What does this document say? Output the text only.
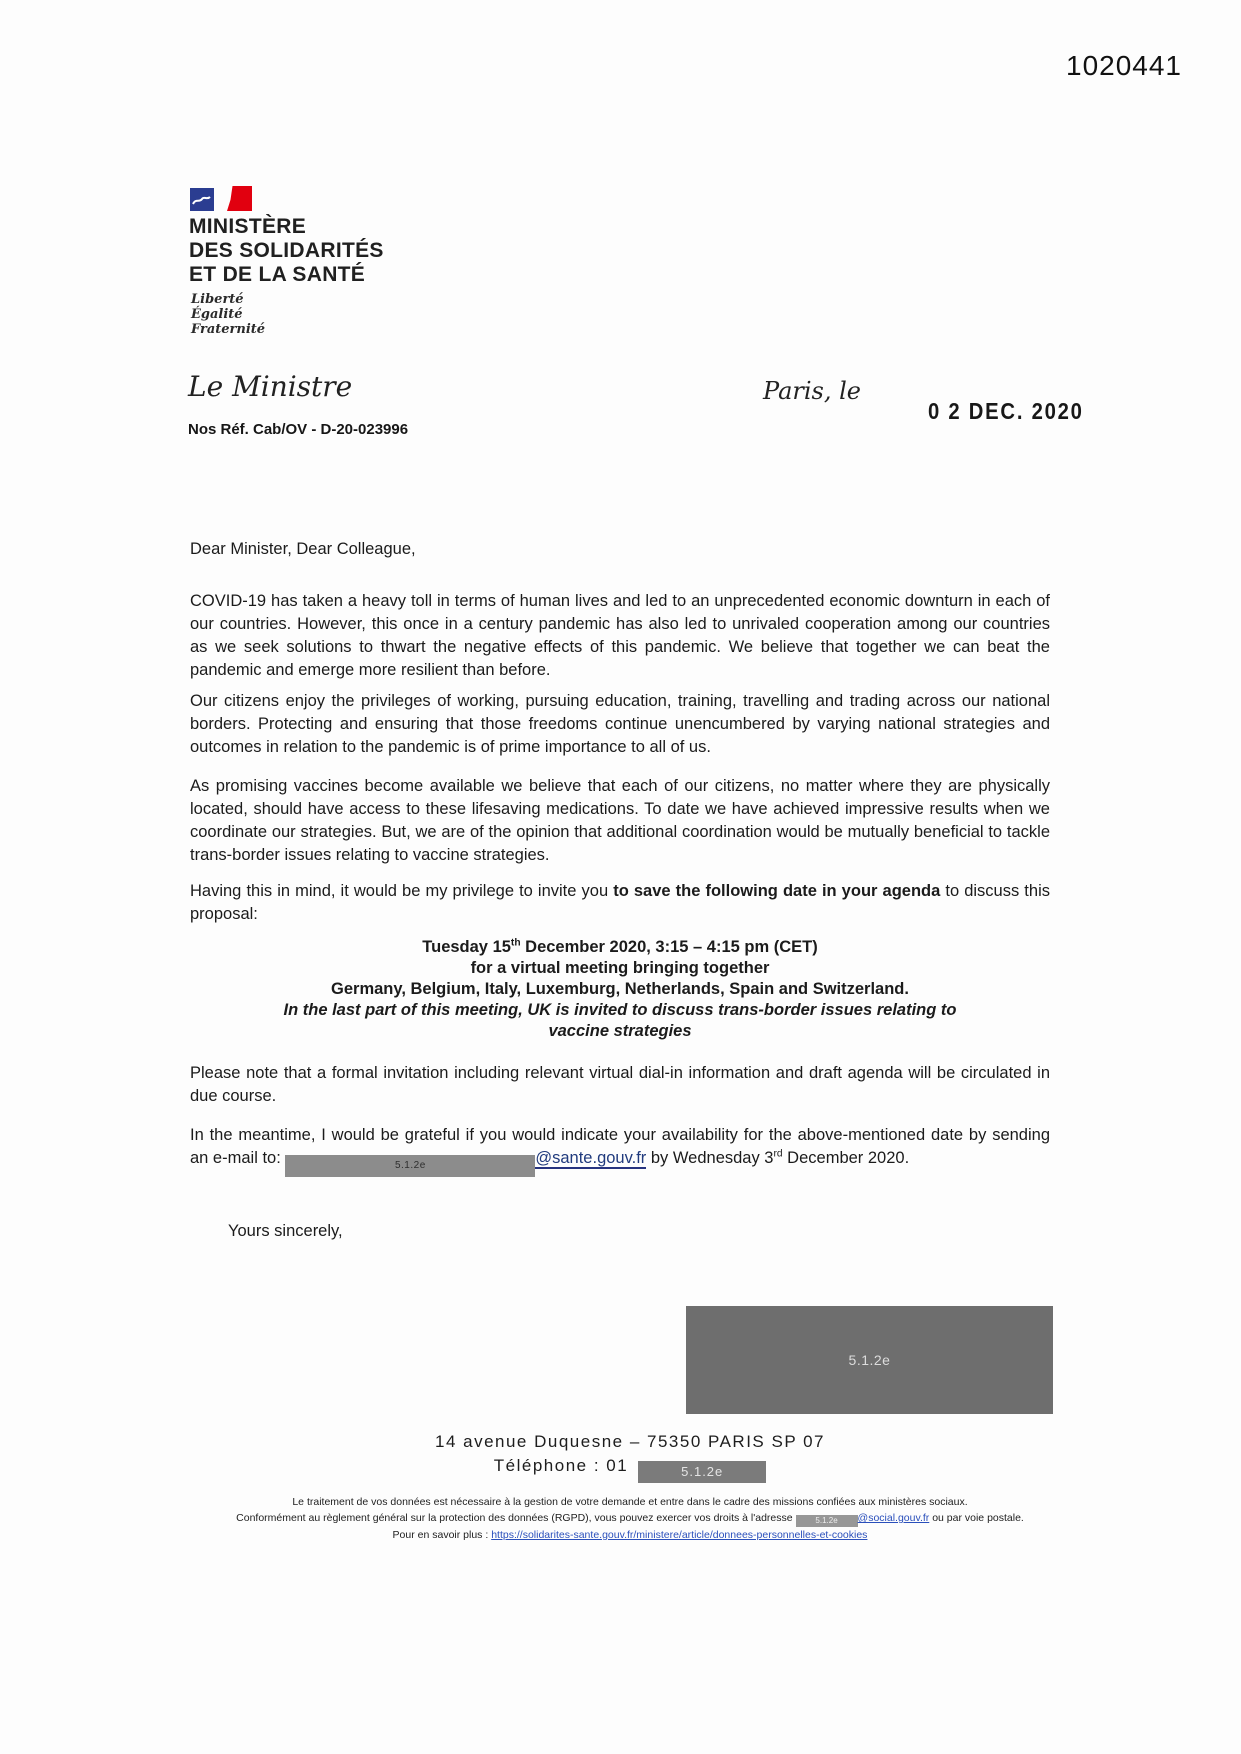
1020441
MINISTÈRE
DES SOLIDARITÉS
ET DE LA SANTÉ
Liberté
Égalité
Fraternité
Le Ministre	Paris, le
0 2 DEC. 2020
Nos Réf. Cab/OV - D-20-023996
Dear Minister, Dear Colleague,
COVID-19 has taken a heavy toll in terms of human lives and led to an unprecedented economic downturn in each of our countries. However, this once in a century pandemic has also led to unrivaled cooperation among our countries as we seek solutions to thwart the negative effects of this pandemic. We believe that together we can beat the pandemic and emerge more resilient than before.
Our citizens enjoy the privileges of working, pursuing education, training, travelling and trading across our national borders. Protecting and ensuring that those freedoms continue unencumbered by varying national strategies and outcomes in relation to the pandemic is of prime importance to all of us.
As promising vaccines become available we believe that each of our citizens, no matter where they are physically located, should have access to these lifesaving medications. To date we have achieved impressive results when we coordinate our strategies. But, we are of the opinion that additional coordination would be mutually beneficial to tackle trans-border issues relating to vaccine strategies.
Having this in mind, it would be my privilege to invite you to save the following date in your agenda to discuss this proposal:
Tuesday 15th December 2020, 3:15 – 4:15 pm (CET)
for a virtual meeting bringing together
Germany, Belgium, Italy, Luxemburg, Netherlands, Spain and Switzerland.
In the last part of this meeting, UK is invited to discuss trans-border issues relating to
vaccine strategies
Please note that a formal invitation including relevant virtual dial-in information and draft agenda will be circulated in due course.
In the meantime, I would be grateful if you would indicate your availability for the above-mentioned date by sending an e-mail to:	5.1.2e	@sante.gouv.fr by Wednesday 3rd December 2020.
Yours sincerely,
5.1.2e
14 avenue Duquesne – 75350 PARIS SP 07
Téléphone : 01	5.1.2e
Le traitement de vos données est nécessaire à la gestion de votre demande et entre dans le cadre des missions confiées aux ministères sociaux.
Conformément au règlement général sur la protection des données (RGPD), vous pouvez exercer vos droits à l'adresse 5.1.2e @social.gouv.fr ou par voie postale.
Pour en savoir plus : https://solidarites-sante.gouv.fr/ministere/article/donnees-personnelles-et-cookies
